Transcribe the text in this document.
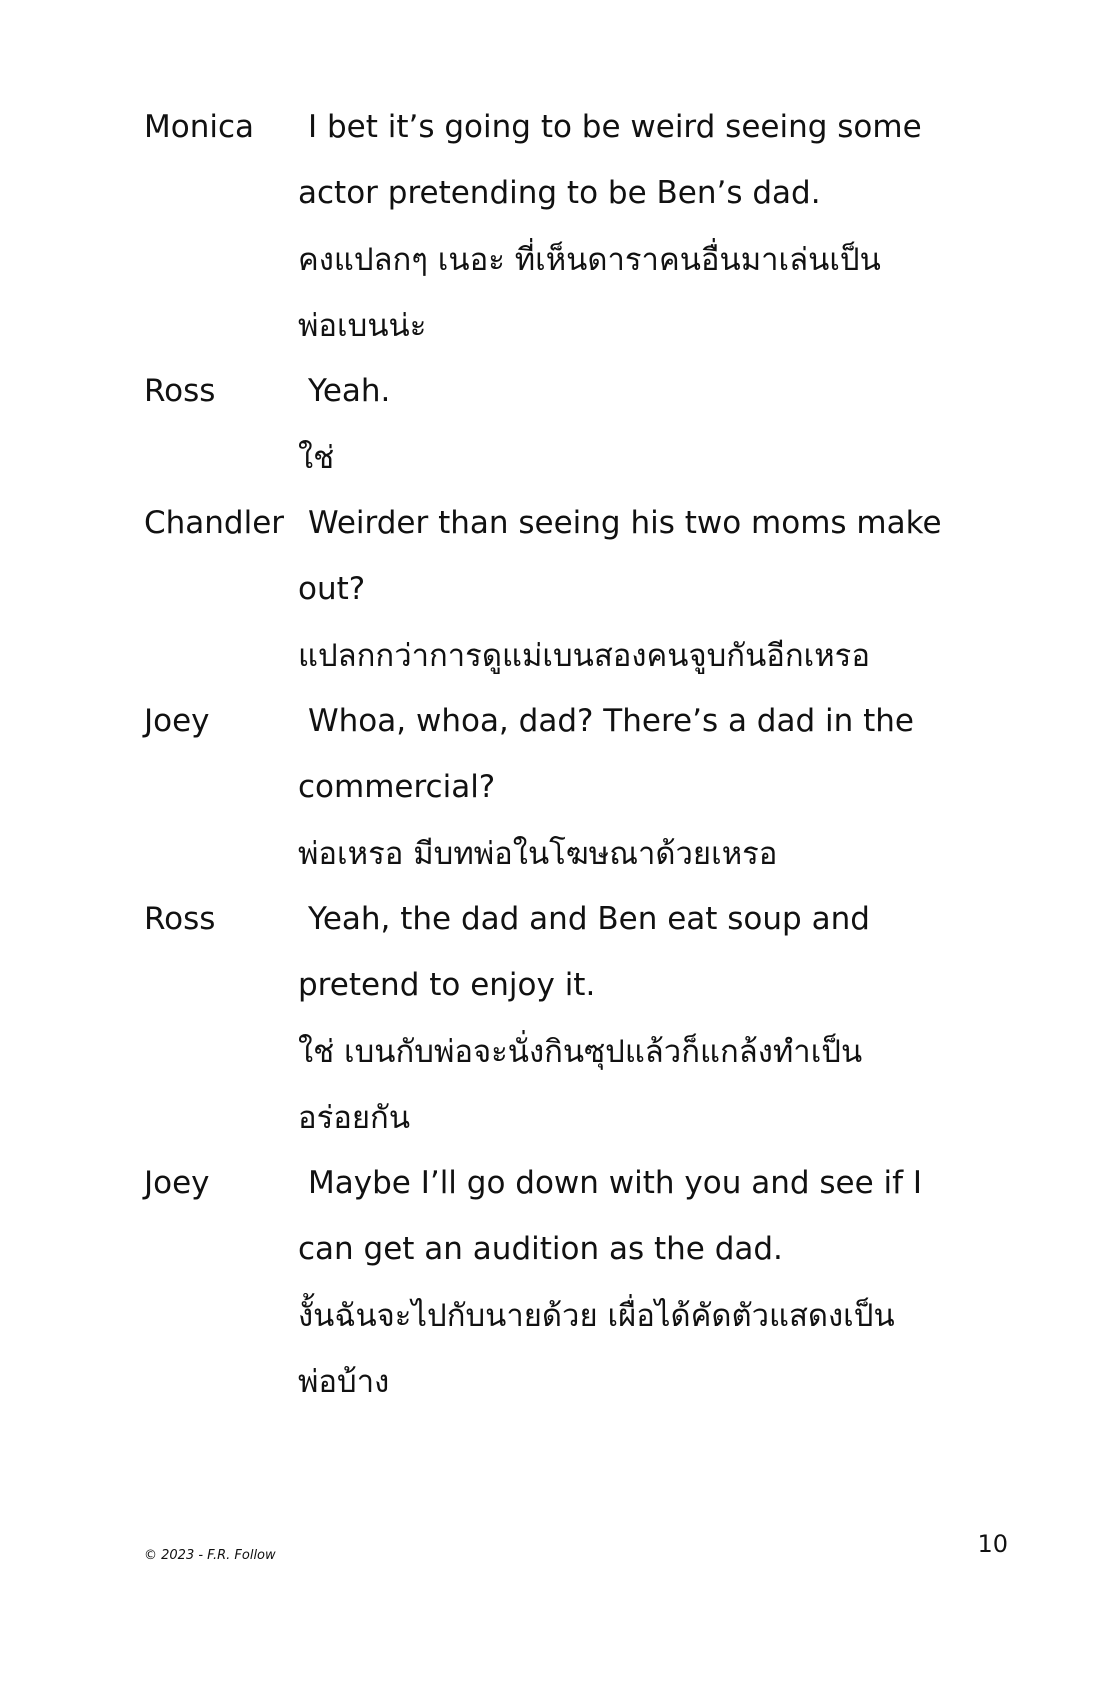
Monica	I bet it’s going to be weird seeing some
actor pretending to be Ben’s dad.
คงแปลกๆ เนอะ ที่เห็นดาราคนอื่นมาเล่นเป็น
พ่อเบนน่ะ
Ross	Yeah.
ใช่
Chandler Weirder than seeing his two moms make
out?
แปลกกว่าการดูแม่เบนสองคนจูบกันอีกเหรอ
Joey	Whoa, whoa, dad? There’s a dad in the
commercial?
พ่อเหรอ มีบทพ่อในโฆษณาด้วยเหรอ
Ross	Yeah, the dad and Ben eat soup and
pretend to enjoy it.
ใช่ เบนกับพ่อจะนั่งกินซุปแล้วก็แกล้งทำเป็น
อร่อยกัน
Joey	Maybe I’ll go down with you and see if I
can get an audition as the dad.
งั้นฉันจะไปกับนายด้วย เผื่อได้คัดตัวแสดงเป็น
พ่อบ้าง
© 2023 - F.R. Follow	10
